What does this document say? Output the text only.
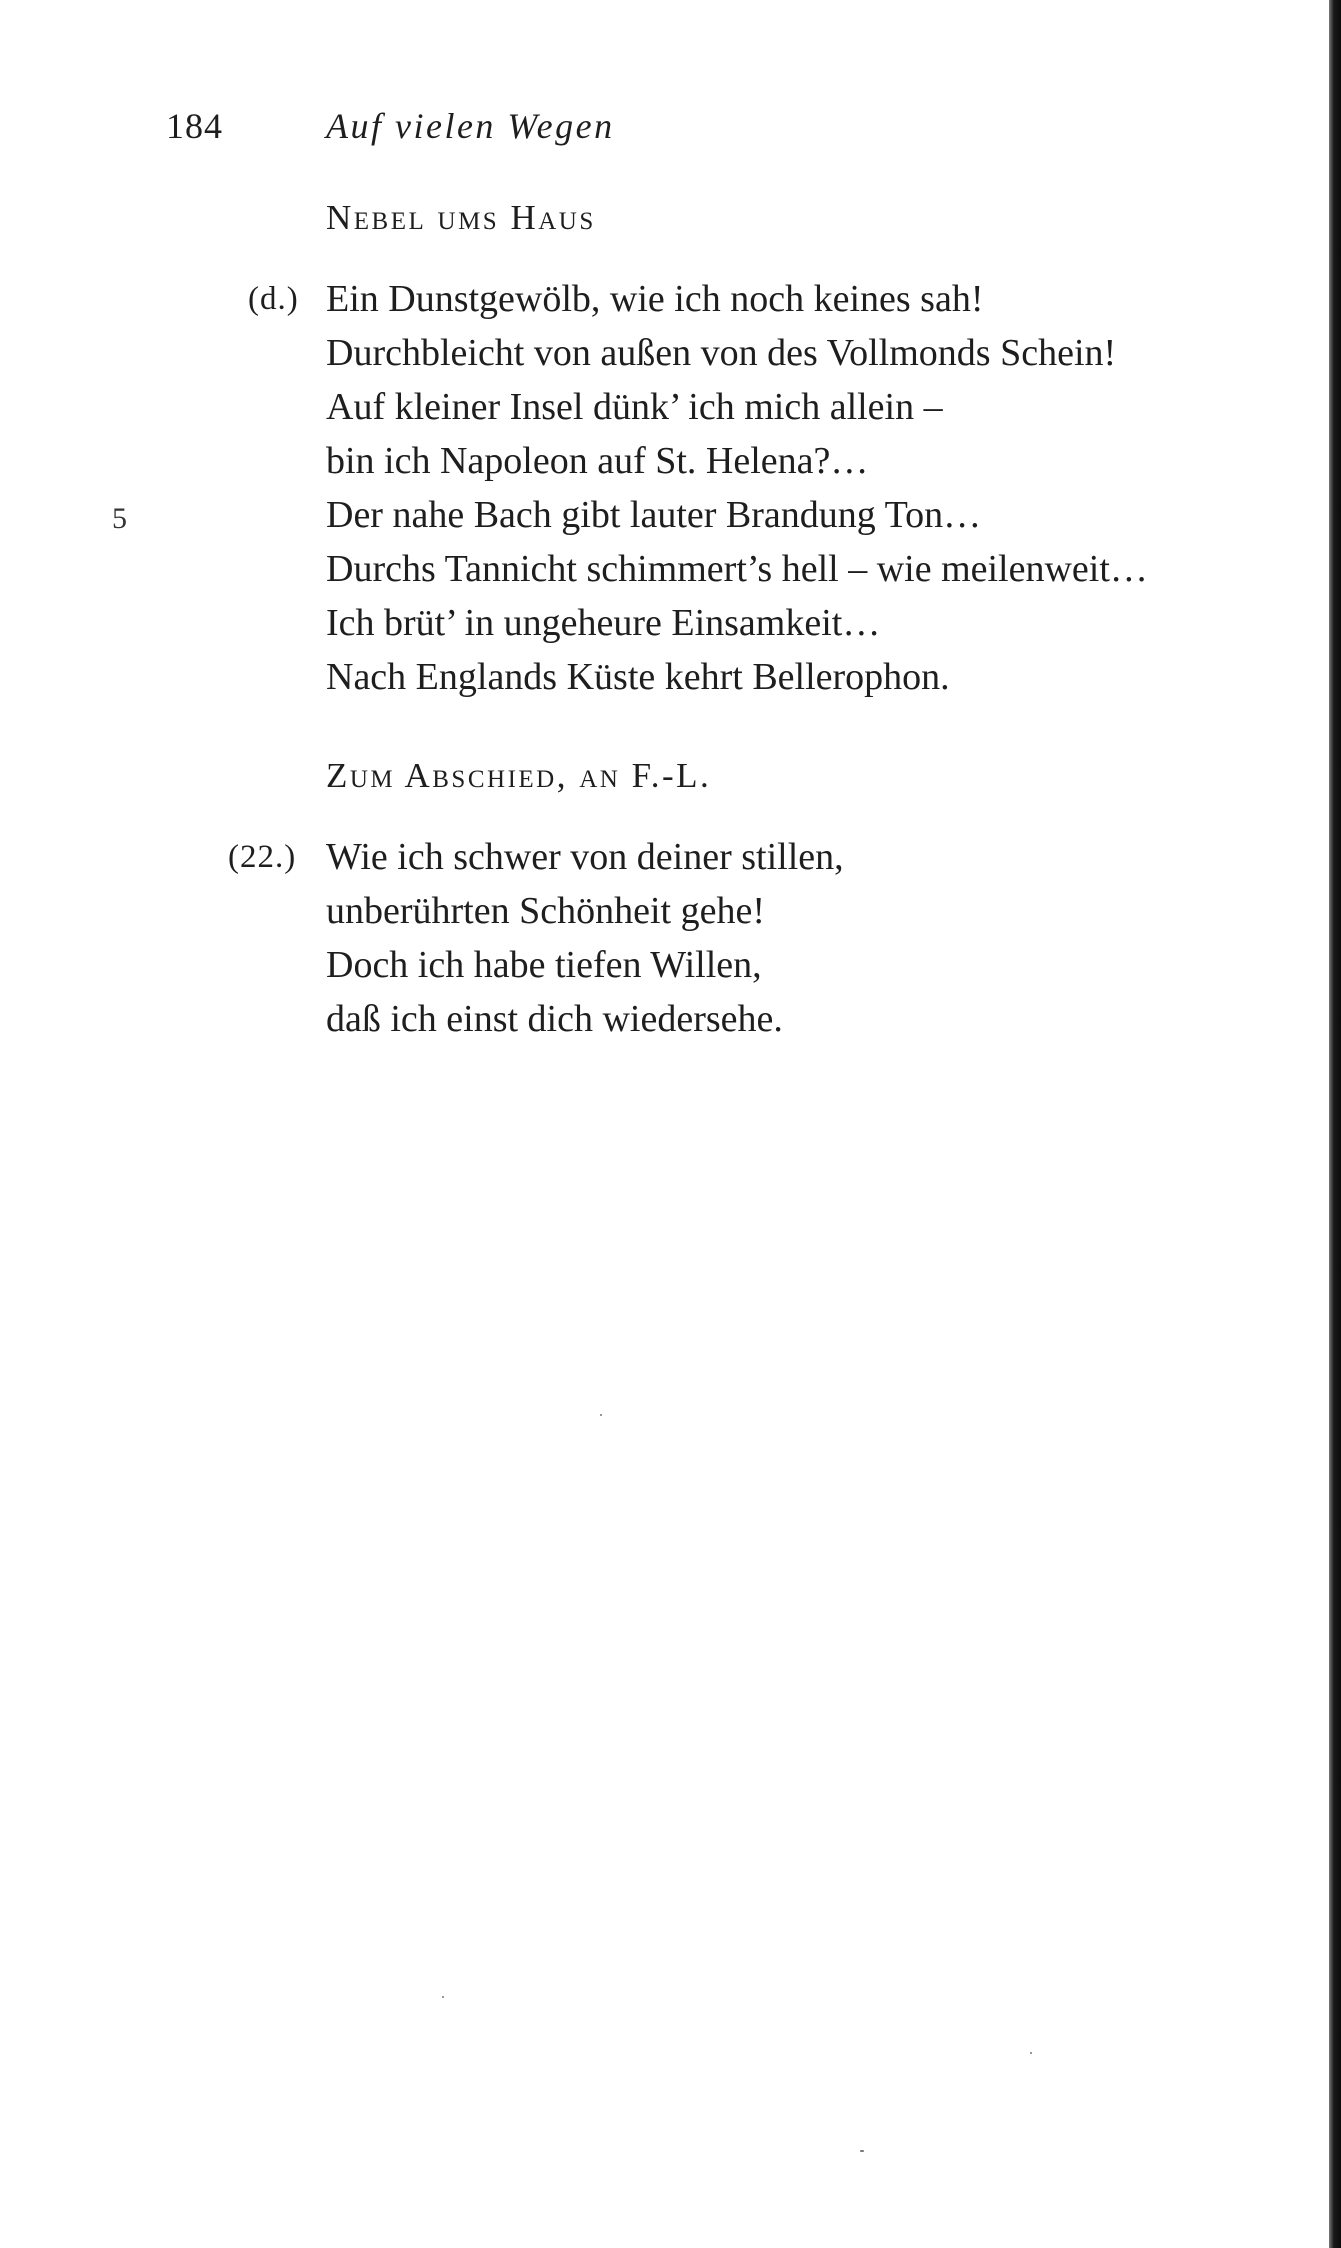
184	Auf vielen Wegen
Nebel ums Haus
(d.) Ein Dunstgewölb, wie ich noch keines sah!
Durchbleicht von außen von des Vollmonds Schein!
Auf kleiner Insel dünk’ ich mich allein –
bin ich Napoleon auf St. Helena?…
Der nahe Bach gibt lauter Brandung Ton…
Durchs Tannicht schimmert’s hell – wie meilenweit…
Ich brüt’ in ungeheure Einsamkeit…
Nach Englands Küste kehrt Bellerophon.
5
Zum Abschied, an F.-L.
(22.) Wie ich schwer von deiner stillen,
unberührten Schönheit gehe!
Doch ich habe tiefen Willen,
daß ich einst dich wiedersehe.
